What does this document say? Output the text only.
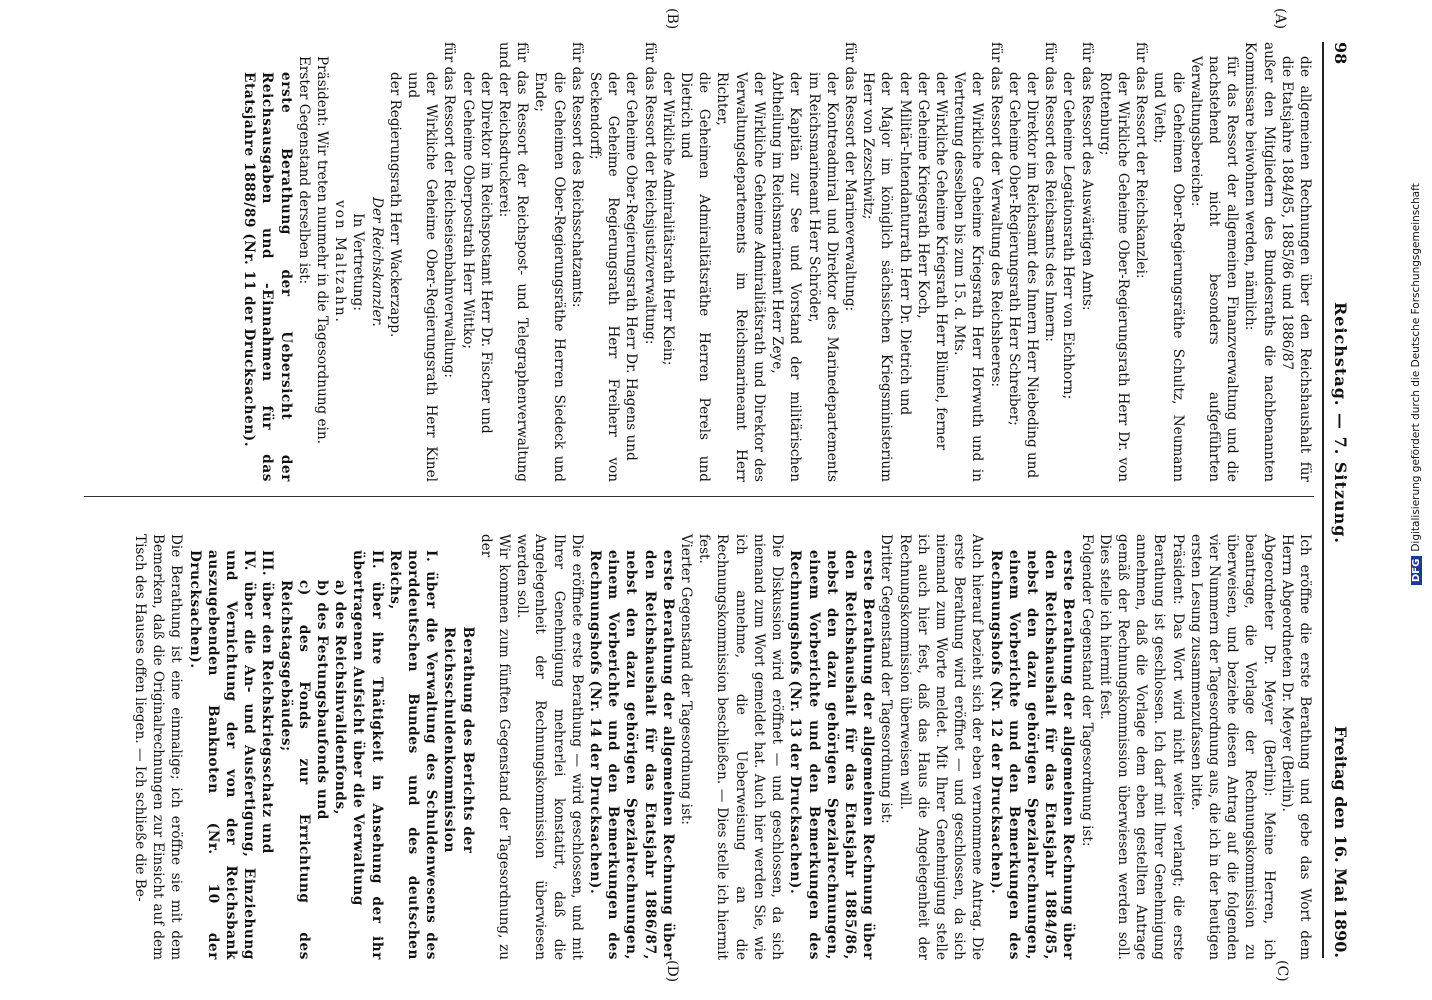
98
Reichstag. — 7. Sitzung.
Freitag den 16. Mai 1890.
(A)
(B)
(C)
(D)

die allgemeinen Rechnungen über den Reichshaushalt für die Etatsjahre 1884/85, 1885/86 und 1886/87

außer den Mitgliedern des Bundesraths die nachbenannten Kommissare beiwohnen werden, nämlich:

für das Ressort der allgemeinen Finanzverwaltung und die nachstehend nicht besonders aufgeführten Verwaltungsbereiche:

die Geheimen Ober-Regierungsräthe Schultz, Neumann und Vieth;

für das Ressort der Reichskanzlei:

der Wirkliche Geheime Ober-Regierungsrath Herr Dr. von Rottenburg;

für das Ressort des Auswärtigen Amts:

der Geheime Legationsrath Herr von Eichhorn;

für das Ressort des Reichsamts des Innern:

der Direktor im Reichsamt des Innern Herr Niebeding und

der Geheime Ober-Regierungsrath Herr Schreiber;

für das Ressort der Verwaltung des Reichsheeres:

der Wirkliche Geheime Kriegsrath Herr Horwuth und in Vertretung desselben bis zum 15. d. Mts.

der Wirkliche Geheime Kriegsrath Herr Blümel, ferner

der Geheime Kriegsrath Herr Koch,

der Militär-Intendanturrath Herr Dr. Dietrich und

der Major im königlich sächsischen Kriegsministerium Herr von Zezschwitz;

für das Ressort der Marineverwaltung:

der Kontreadmiral und Direktor des Marinedepartements im Reichsmarineamt Herr Schröder,

der Kapitän zur See und Vorstand der militärischen Abtheilung im Reichsmarineamt Herr Zeye,

der Wirkliche Geheime Admiralitätsrath und Direktor des Verwaltungsdepartements im Reichsmarineamt Herr Richter,

die Geheimen Admiralitätsräthe Herren Perels und Dietrich und

der Wirkliche Admiralitätsrath Herr Klein;

für das Ressort der Reichsjustizverwaltung:

der Geheime Ober-Regierungsrath Herr Dr. Hagens und

der Geheime Regierungsrath Herr Freiherr von Seckendorff;

für das Ressort des Reichsschatzamts:

die Geheimen Ober-Regierungsräthe Herren Siedeck und Ende;

für das Ressort der Reichspost- und Telegraphenverwaltung und der Reichsdruckerei:

der Direktor im Reichspostamt Herr Dr. Fischer und

der Geheime Oberpostrath Herr Wittko;

für das Ressort der Reichseisenbahnverwaltung:

der Wirkliche Geheime Ober-Regierungsrath Herr Kinel und

der Regierungsrath Herr Wackerzapp.

Der Reichskanzler.

In Vertretung:

von Maltzahn.

Präsident: Wir treten nunmehr in die Tagesordnung ein.

Erster Gegenstand derselben ist:

erste Berathung der Uebersicht der Reichsausgaben und -Einnahmen für das Etatsjahre 1888/89 (Nr. 11 der Drucksachen).

Ich eröffne die erste Berathung und gebe das Wort dem Herrn Abgeordneten Dr. Meyer (Berlin).

Abgeordneter Dr. Meyer (Berlin): Meine Herren, ich beantrage, die Vorlage der Rechnungskommission zu überweisen, und beziehe diesen Antrag auf die folgenden vier Nummern der Tagesordnung aus, die ich in der heutigen ersten Lesung zusammenzufassen bitte.

Präsident: Das Wort wird nicht weiter verlangt; die erste Berathung ist geschlossen. Ich darf mit Ihrer Genehmigung annehmen, daß die Vorlage dem eben gestellten Antrage gemäß der Rechnungskommission überwiesen werden soll. Dies stelle ich hiermit fest.

Folgender Gegenstand der Tagesordnung ist:

erste Berathung der allgemeinen Rechnung über den Reichshaushalt für das Etatsjahr 1884/85, nebst den dazu gehörigen Spezialrechnungen, einem Vorberichte und den Bemerkungen des Rechnungshofs (Nr. 12 der Drucksachen).

Auch hierauf bezieht sich der eben vernommene Antrag. Die erste Berathung wird eröffnet — und geschlossen, da sich niemand zum Worte meldet. Mit Ihrer Genehmigung stelle ich auch hier fest, daß das Haus die Angelegenheit der Rechnungskommission überweisen will.

Dritter Gegenstand der Tagesordnung ist:

erste Berathung der allgemeinen Rechnung über den Reichshaushalt für das Etatsjahr 1885/86, nebst den dazu gehörigen Spezialrechnungen, einem Vorberichte und den Bemerkungen des Rechnungshofs (Nr. 13 der Drucksachen).

Die Diskussion wird eröffnet — und geschlossen, da sich niemand zum Wort gemeldet hat. Auch hier werden Sie, wie ich annehme, die Ueberweisung an die Rechnungskommission beschließen. — Dies stelle ich hiermit fest.

Vierter Gegenstand der Tagesordnung ist:

erste Berathung der allgemeinen Rechnung über den Reichshaushalt für das Etatsjahr 1886/87, nebst den dazu gehörigen Spezialrechnungen, einem Vorberichte und den Bemerkungen des Rechnungshofs (Nr. 14 der Drucksachen).

Die eröffnete erste Berathung — wird geschlossen, und mit Ihrer Genehmigung mehrerlei konstatirt, daß die Angelegenheit der Rechnungskommission überwiesen werden soll.

Wir kommen zum fünften Gegenstand der Tagesordnung, zu der

Berathung des Berichts der Reichsschuldenkommission

I. über die Verwaltung des Schuldenwesens des norddeutschen Bundes und des deutschen Reichs,

II. über ihre Thätigkeit in Ansehung der ihr übertragenen Aufsicht über die Verwaltung

a) des Reichsinvalidenfonds,

b) des Festungsbaufonds und

c) des Fonds zur Errichtung des Reichstagsgebäudes;

III. über den Reichskriegsschatz und

IV. über die An- und Ausfertigung, Einziehung und Vernichtung der von der Reichsbank auszugebenden Banknoten (Nr. 10 der Drucksachen).

Die Berathung ist eine einmalige; ich eröffne sie mit dem Bemerken, daß die Originalrechnungen zur Einsicht auf dem Tisch des Hauses offen liegen. — Ich schließe die Be-	DFGDigitalisierung gefördert durch die Deutsche Forschungsgemeinschaft
